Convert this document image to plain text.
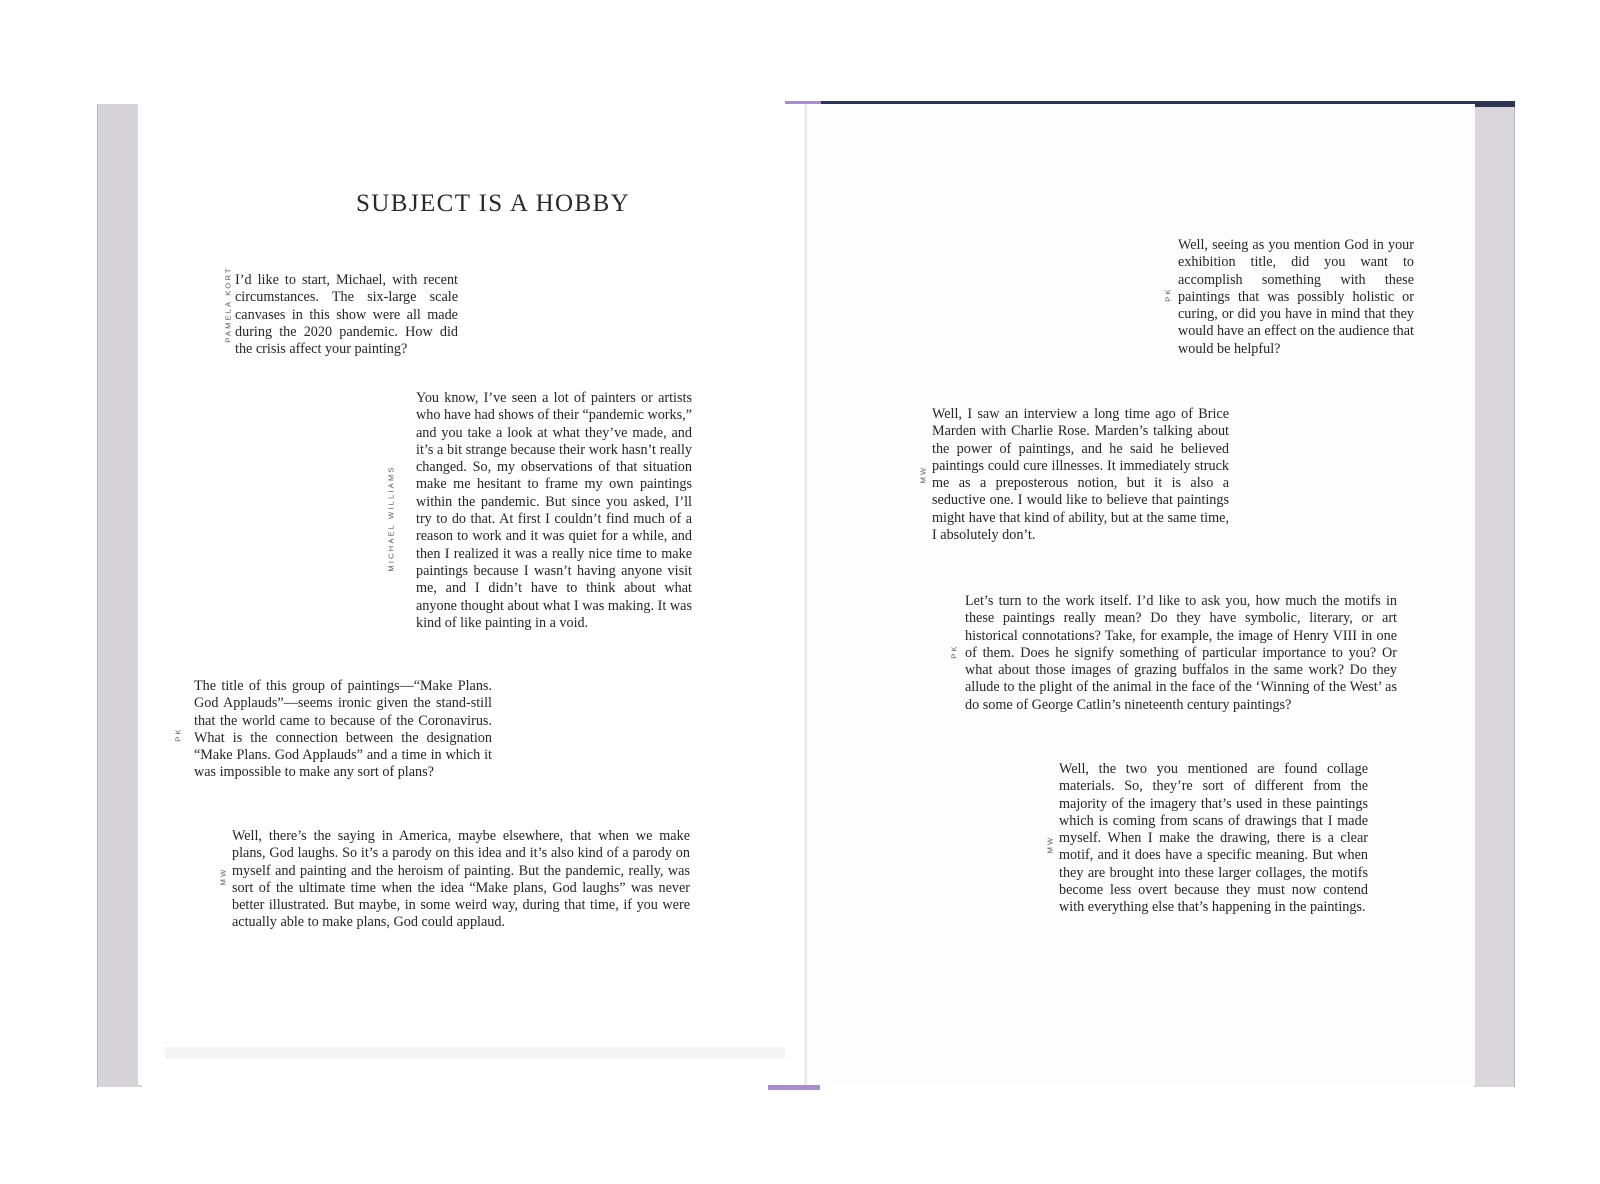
SUBJECT IS A HOBBY
PAMELA KORT I’d like to start, Michael, with recent circumstances. The six-large scale canvases in this show were all made during the 2020 pandemic. How did the crisis affect your painting?
MICHAEL WILLIAMS
You know, I’ve seen a lot of painters or artists who have had shows of their “pandemic works,” and you take a look at what they’ve made, and it’s a bit strange because their work hasn’t really changed. So, my observations of that situation make me hesitant to frame my own paintings within the pandemic. But since you asked, I’ll try to do that. At first I couldn’t find much of a reason to work and it was quiet for a while, and then I realized it was a really nice time to make paintings because I wasn’t having anyone visit me, and I didn’t have to think about what anyone thought about what I was making. It was kind of like painting in a void.
PK
The title of this group of paintings—“Make Plans. God Applauds”—seems ironic given the stand-still that the world came to because of the Coronavirus. What is the connection between the designation “Make Plans. God Applauds” and a time in which it was impossible to make any sort of plans?
MW
Well, there’s the saying in America, maybe elsewhere, that when we make plans, God laughs. So it’s a parody on this idea and it’s also kind of a parody on myself and painting and the heroism of painting. But the pandemic, really, was sort of the ultimate time when the idea “Make plans, God laughs” was never better illustrated. But maybe, in some weird way, during that time, if you were actually able to make plans, God could applaud.
PK
Well, seeing as you mention God in your exhibition title, did you want to accomplish something with these paintings that was possibly holistic or curing, or did you have in mind that they would have an effect on the audience that would be helpful?
MW
Well, I saw an interview a long time ago of Brice Marden with Charlie Rose. Marden’s talking about the power of paintings, and he said he believed paintings could cure illnesses. It immediately struck me as a preposterous notion, but it is also a seductive one. I would like to believe that paintings might have that kind of ability, but at the same time, I absolutely don’t.
PK
Let’s turn to the work itself. I’d like to ask you, how much the motifs in these paintings really mean? Do they have symbolic, literary, or art historical connotations? Take, for example, the image of Henry VIII in one of them. Does he signify something of particular importance to you? Or what about those images of grazing buffalos in the same work? Do they allude to the plight of the animal in the face of the ‘Winning of the West’ as do some of George Catlin’s nineteenth century paintings?
MW
Well, the two you mentioned are found collage materials. So, they’re sort of different from the majority of the imagery that’s used in these paintings which is coming from scans of drawings that I made myself. When I make the drawing, there is a clear motif, and it does have a specific meaning. But when they are brought into these larger collages, the motifs become less overt because they must now contend with everything else that’s happening in the paintings.
